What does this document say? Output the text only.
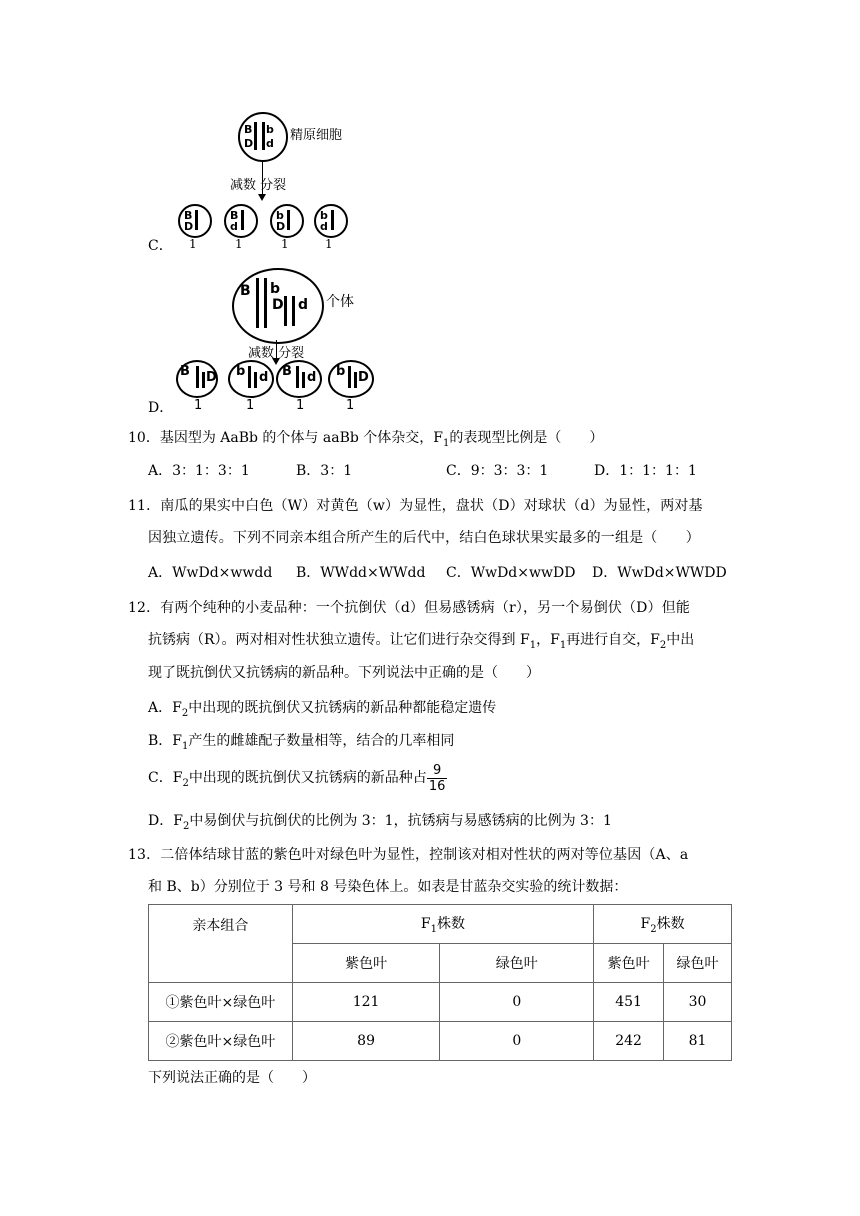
B b
D d
精原细胞
减数 分裂
B
D
B
d
b
D
b
d
1	1	1	1
C．
B b
D d 个体
减数 分裂
B D b d B d b D
1	1	1	1
D．
10．基因型为 AaBb 的个体与 aaBb 个体杂交，$F_1$的表现型比例是（　　）
A．3：1：3：1	B．3：1	C．9：3：3：1	D．1：1：1：1
11．南瓜的果实中白色（W）对黄色（w）为显性，盘状（D）对球状（d）为显性，两对基
因独立遗传。下列不同亲本组合所产生的后代中，结白色球状果实最多的一组是（　　）
A．WwDd×wwdd B．WWdd×WWdd C．WwDd×wwDD D．WwDd×WWDD
12．有两个纯种的小麦品种：一个抗倒伏（d）但易感锈病（r），另一个易倒伏（D）但能
抗锈病（R）。两对相对性状独立遗传。让它们进行杂交得到 $F_1$，$F_1$再进行自交，$F_2$中出
现了既抗倒伏又抗锈病的新品种。下列说法中正确的是（　　）
A．$F_2$中出现的既抗倒伏又抗锈病的新品种都能稳定遗传
B．$F_1$产生的雌雄配子数量相等，结合的几率相同
C．$F_2$中出现的既抗倒伏又抗锈病的新品种占 $\frac{9}{16}$
D．$F_2$中易倒伏与抗倒伏的比例为 3：1，抗锈病与易感锈病的比例为 3：1
13．二倍体结球甘蓝的紫色叶对绿色叶为显性，控制该对相对性状的两对等位基因（A、a
和 B、b）分别位于 3 号和 8 号染色体上。如表是甘蓝杂交实验的统计数据：
亲本组合	$F_1$株数		$F_2$株数	
	紫色叶	绿色叶	紫色叶	绿色叶
①紫色叶×绿色叶	121	0	451	30
②紫色叶×绿色叶	89	0	242	81
下列说法正确的是（　　）
